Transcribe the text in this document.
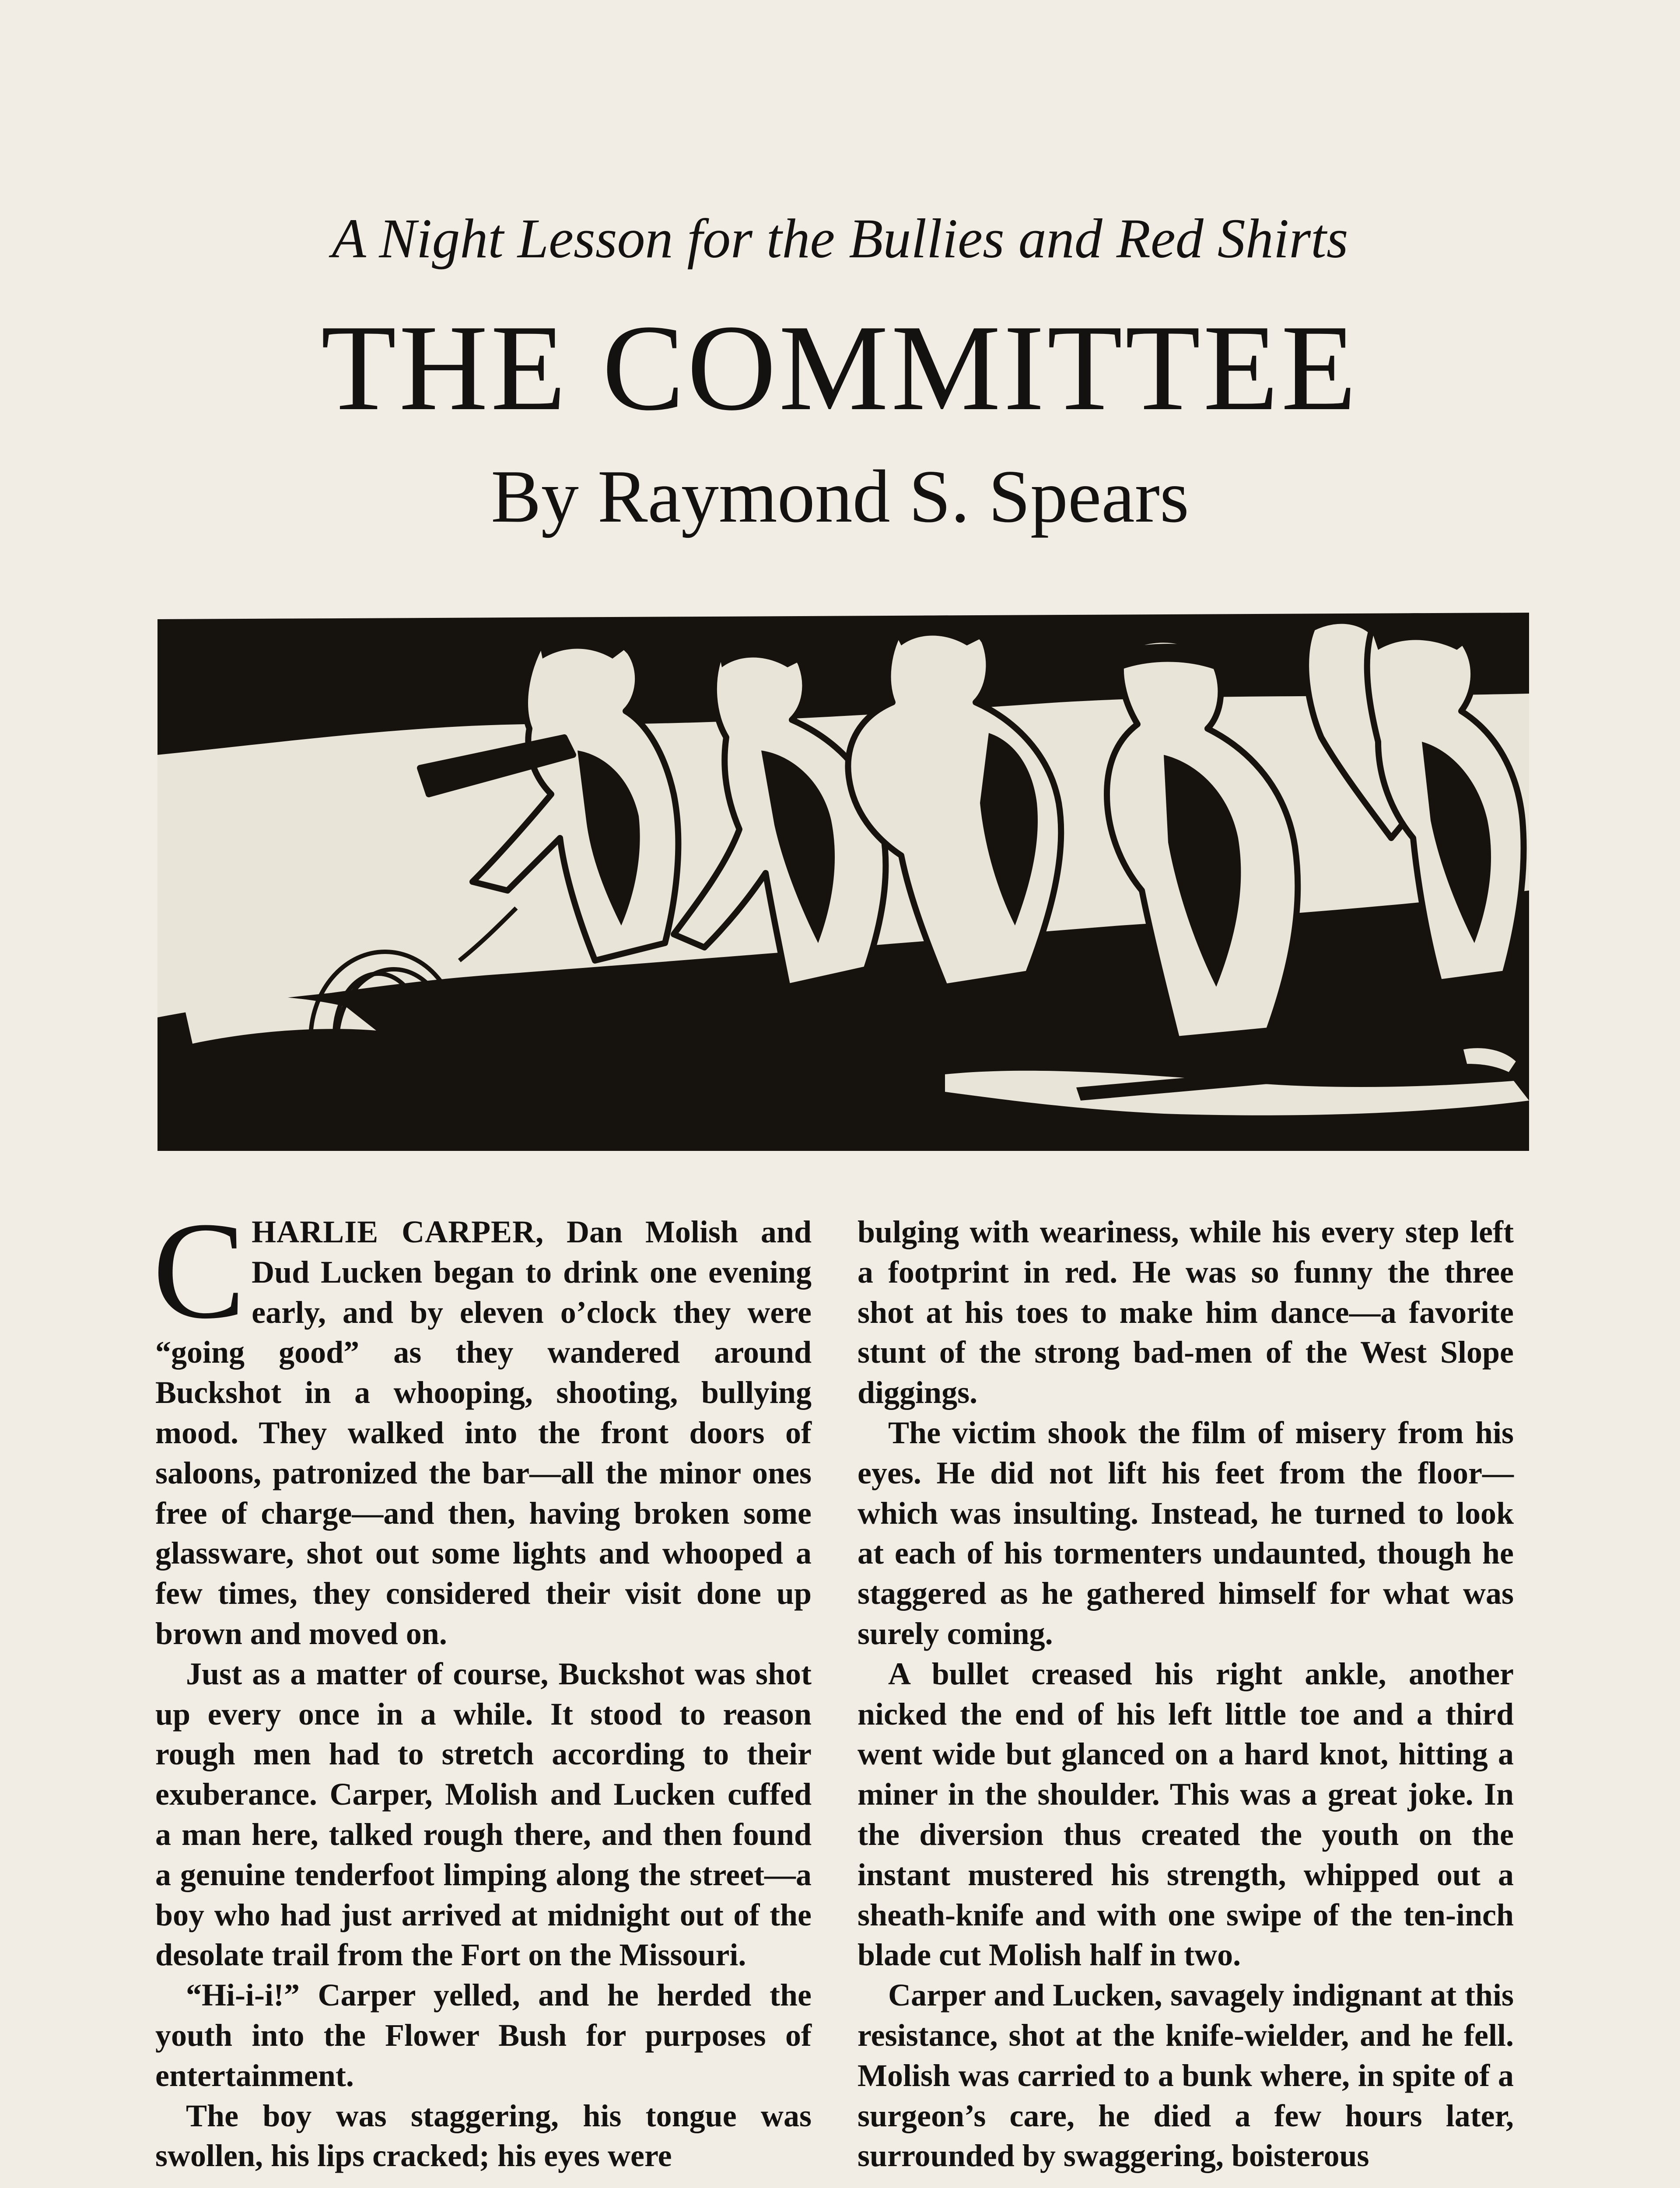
A Night Lesson for the Bullies and Red Shirts
THE COMMITTEE
By Raymond S. Spears

CHARLIE CARPER, Dan Molish and Dud Lucken began to drink one evening early, and by eleven o’clock they were “going good” as they wandered around Buckshot in a whooping, shooting, bullying mood. They walked into the front doors of saloons, patronized the bar—all the minor ones free of charge—and then, having broken some glassware, shot out some lights and whooped a few times, they considered their visit done up brown and moved on.

Just as a matter of course, Buckshot was shot up every once in a while. It stood to reason rough men had to stretch according to their exuberance. Carper, Molish and Lucken cuffed a man here, talked rough there, and then found a genuine tenderfoot limping along the street—a boy who had just arrived at midnight out of the desolate trail from the Fort on the Missouri.

“Hi-i-i!” Carper yelled, and he herded the youth into the Flower Bush for purposes of entertainment.

The boy was staggering, his tongue was swollen, his lips cracked; his eyes were

bulging with weariness, while his every step left a footprint in red. He was so funny the three shot at his toes to make him dance—a favorite stunt of the strong bad-men of the West Slope diggings.

The victim shook the film of misery from his eyes. He did not lift his feet from the floor—which was insulting. Instead, he turned to look at each of his tormenters undaunted, though he staggered as he gathered himself for what was surely coming.

A bullet creased his right ankle, another nicked the end of his left little toe and a third went wide but glanced on a hard knot, hitting a miner in the shoulder. This was a great joke. In the diversion thus created the youth on the instant mustered his strength, whipped out a sheath-knife and with one swipe of the ten-inch blade cut Molish half in two.

Carper and Lucken, savagely indignant at this resistance, shot at the knife-wielder, and he fell. Molish was carried to a bunk where, in spite of a surgeon’s care, he died a few hours later, surrounded by swaggering, boisterous
